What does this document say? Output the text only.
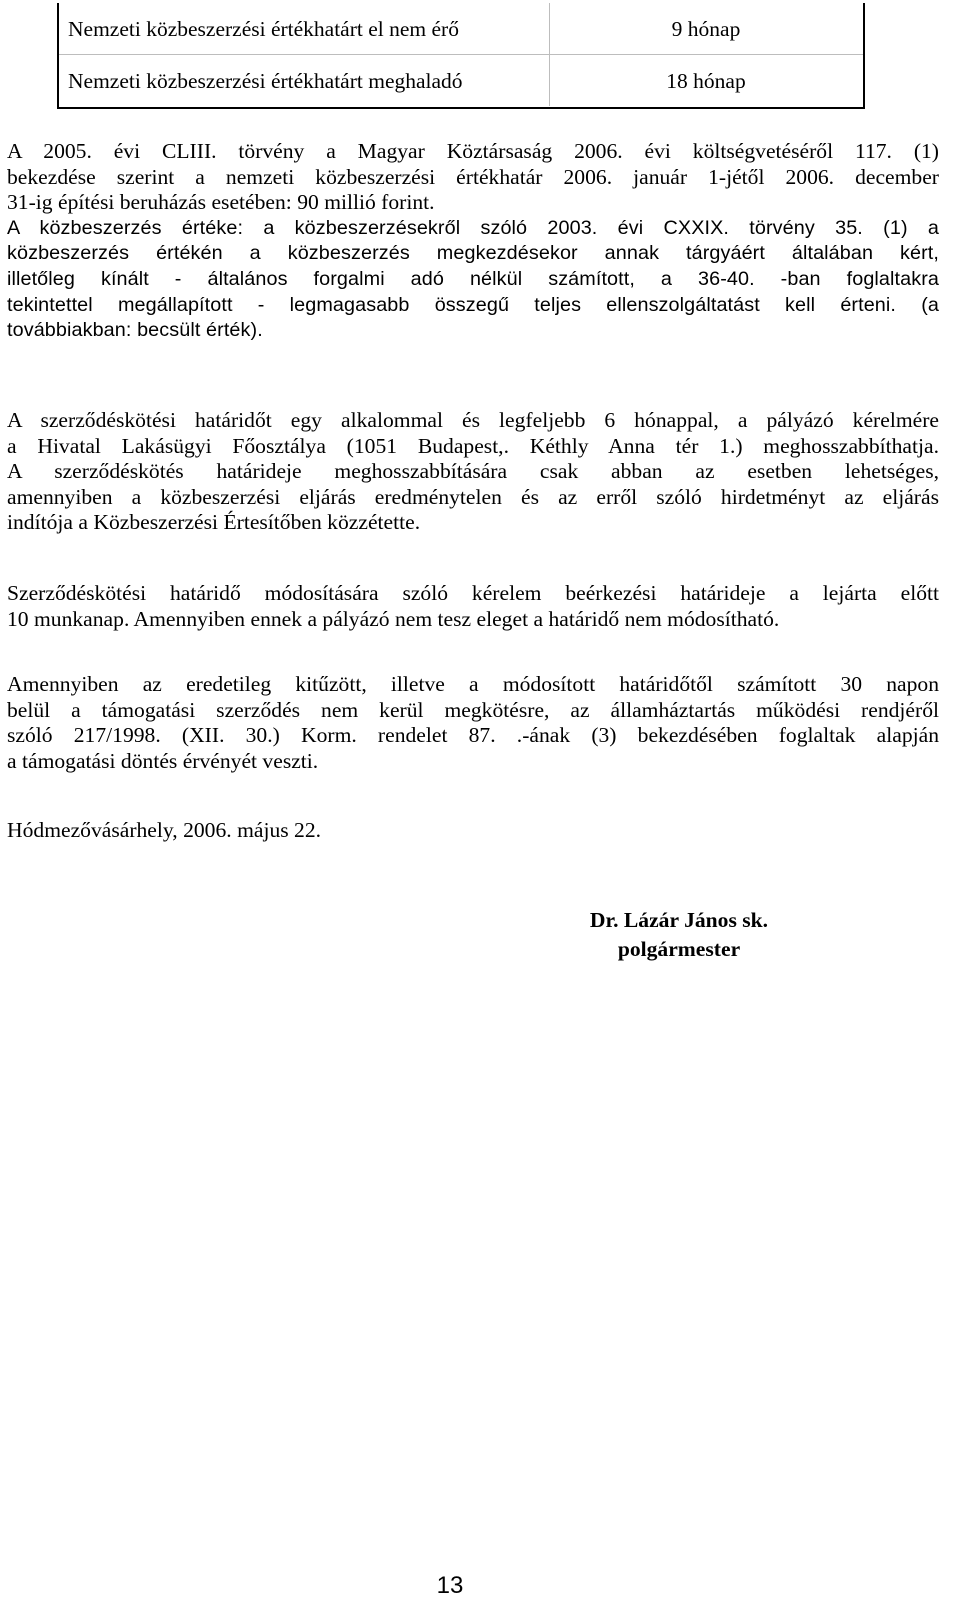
Nemzeti közbeszerzési értékhatárt el nem érő	9 hónap
Nemzeti közbeszerzési értékhatárt meghaladó	18 hónap
A 2005. évi CLIII. törvény a Magyar Köztársaság 2006. évi költségvetéséről 117. (1)
bekezdése szerint a nemzeti közbeszerzési értékhatár 2006. január 1-jétől 2006. december
31-ig építési beruházás esetében: 90 millió forint.
A közbeszerzés értéke: a közbeszerzésekről szóló 2003. évi CXXIX. törvény 35. (1) a
közbeszerzés értékén a közbeszerzés megkezdésekor annak tárgyáért általában kért,
illetőleg kínált - általános forgalmi adó nélkül számított, a 36-40. -ban foglaltakra
tekintettel megállapított - legmagasabb összegű teljes ellenszolgáltatást kell érteni. (a
továbbiakban: becsült érték).
A szerződéskötési határidőt egy alkalommal és legfeljebb 6 hónappal, a pályázó kérelmére
a Hivatal Lakásügyi Főosztálya (1051 Budapest,. Kéthly Anna tér 1.) meghosszabbíthatja.
A szerződéskötés határideje meghosszabbítására csak abban az esetben lehetséges,
amennyiben a közbeszerzési eljárás eredménytelen és az erről szóló hirdetményt az eljárás
indítója a Közbeszerzési Értesítőben közzétette.
Szerződéskötési határidő módosítására szóló kérelem beérkezési határideje a lejárta előtt
10 munkanap. Amennyiben ennek a pályázó nem tesz eleget a határidő nem módosítható.
Amennyiben az eredetileg kitűzött, illetve a módosított határidőtől számított 30 napon
belül a támogatási szerződés nem kerül megkötésre, az államháztartás működési rendjéről
szóló 217/1998. (XII. 30.) Korm. rendelet 87. .-ának (3) bekezdésében foglaltak alapján
a támogatási döntés érvényét veszti.
Hódmezővásárhely, 2006. május 22.
Dr. Lázár János sk.
polgármester
13
